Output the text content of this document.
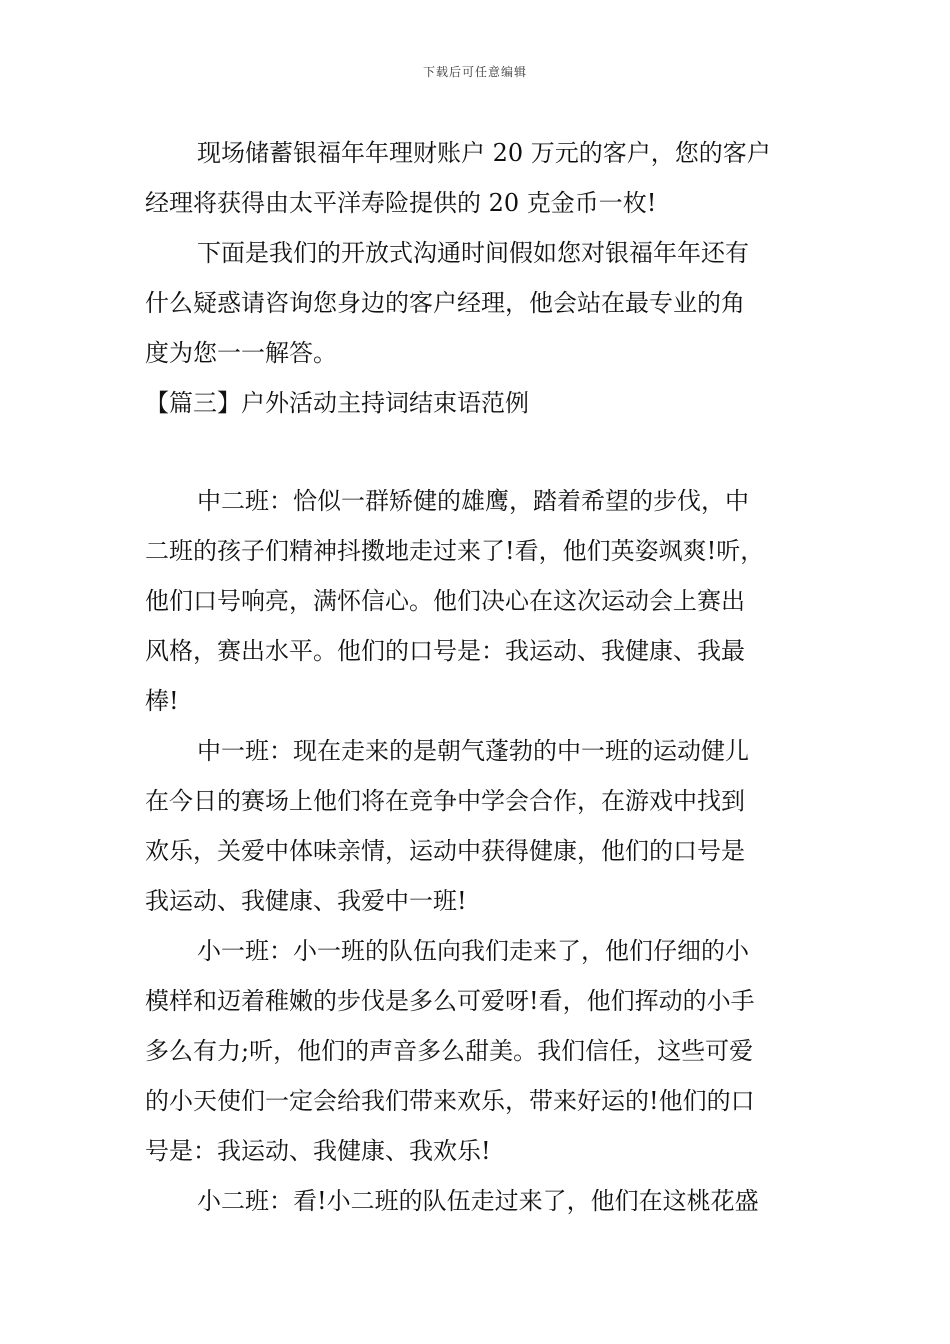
下载后可任意编辑
现场储蓄银福年年理财账户 20 万元的客户，您的客户
经理将获得由太平洋寿险提供的 20 克金币一枚!
下面是我们的开放式沟通时间假如您对银福年年还有
什么疑惑请咨询您身边的客户经理，他会站在最专业的角
度为您一一解答。
【篇三】户外活动主持词结束语范例
中二班：恰似一群矫健的雄鹰，踏着希望的步伐，中
二班的孩子们精神抖擞地走过来了!看，他们英姿飒爽!听，
他们口号响亮，满怀信心。他们决心在这次运动会上赛出
风格，赛出水平。他们的口号是：我运动、我健康、我最
棒!
中一班：现在走来的是朝气蓬勃的中一班的运动健儿
在今日的赛场上他们将在竞争中学会合作，在游戏中找到
欢乐，关爱中体味亲情，运动中获得健康，他们的口号是
我运动、我健康、我爱中一班!
小一班：小一班的队伍向我们走来了，他们仔细的小
模样和迈着稚嫩的步伐是多么可爱呀!看，他们挥动的小手
多么有力;听，他们的声音多么甜美。我们信任，这些可爱
的小天使们一定会给我们带来欢乐，带来好运的!他们的口
号是：我运动、我健康、我欢乐!
小二班：看!小二班的队伍走过来了，他们在这桃花盛
